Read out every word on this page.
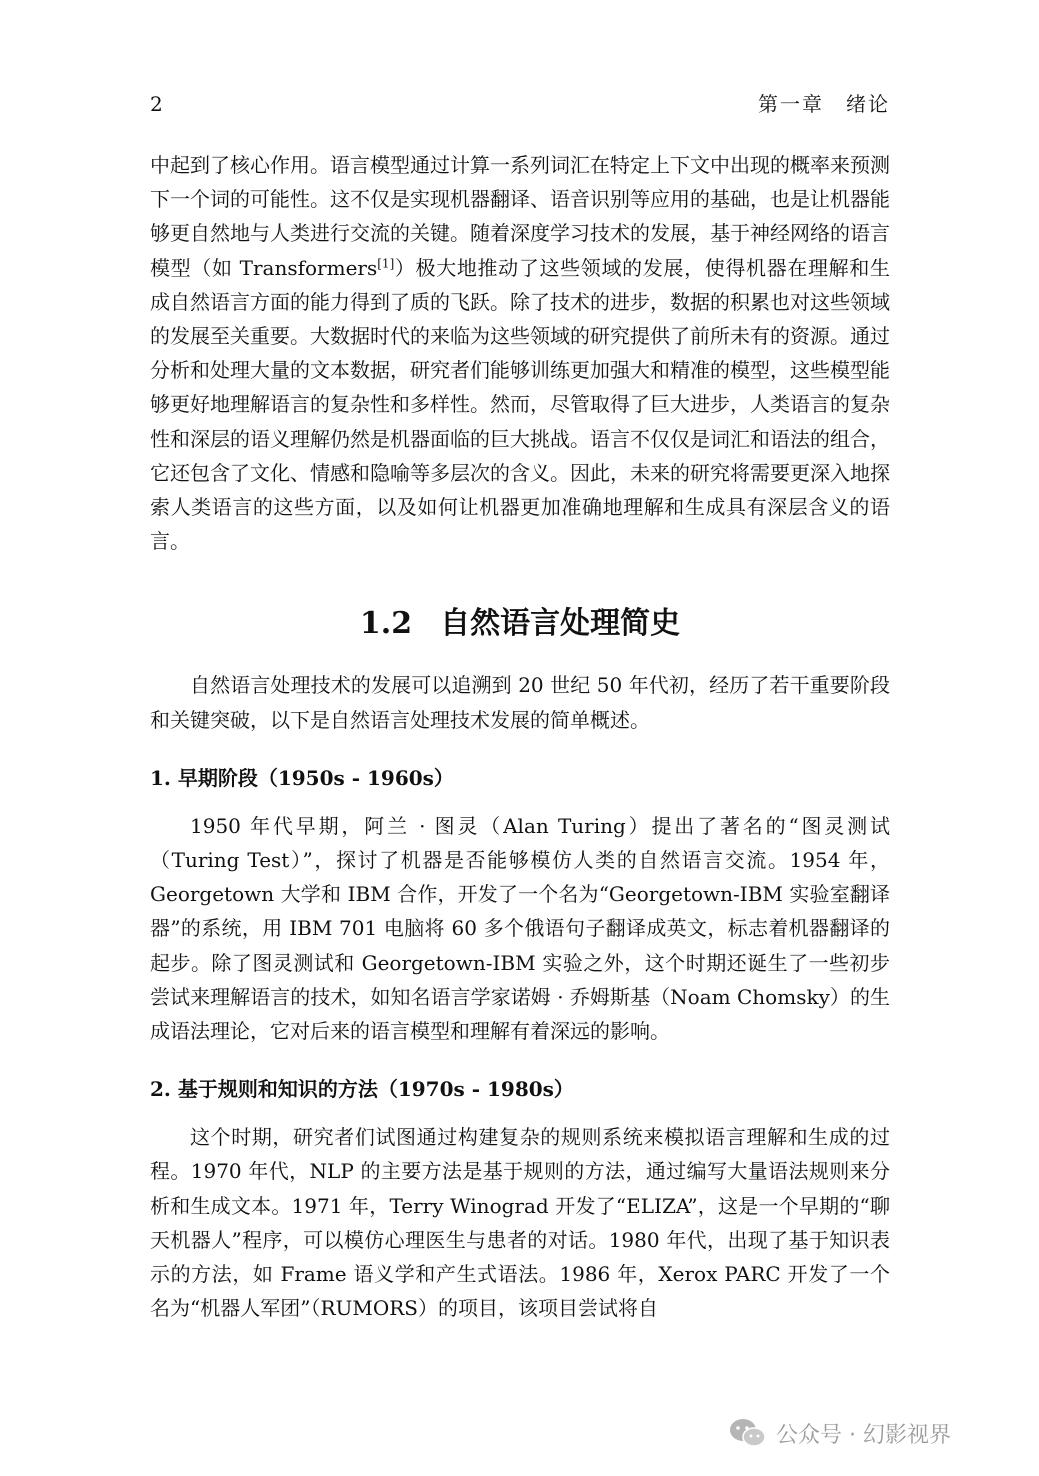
2	第一章　绪论

中起到了核心作用。语言模型通过计算一系列词汇在特定上下文中出现的概率来预测下一个词的可能性。这不仅是实现机器翻译、语音识别等应用的基础，也是让机器能够更自然地与人类进行交流的关键。随着深度学习技术的发展，基于神经网络的语言模型（如 Transformers[1]）极大地推动了这些领域的发展，使得机器在理解和生成自然语言方面的能力得到了质的飞跃。除了技术的进步，数据的积累也对这些领域的发展至关重要。大数据时代的来临为这些领域的研究提供了前所未有的资源。通过分析和处理大量的文本数据，研究者们能够训练更加强大和精准的模型，这些模型能够更好地理解语言的复杂性和多样性。然而，尽管取得了巨大进步，人类语言的复杂性和深层的语义理解仍然是机器面临的巨大挑战。语言不仅仅是词汇和语法的组合，它还包含了文化、情感和隐喻等多层次的含义。因此，未来的研究将需要更深入地探索人类语言的这些方面，以及如何让机器更加准确地理解和生成具有深层含义的语言。

1.2 自然语言处理简史

自然语言处理技术的发展可以追溯到 20 世纪 50 年代初，经历了若干重要阶段和关键突破，以下是自然语言处理技术发展的简单概述。

1. 早期阶段（1950s - 1960s）

1950 年代早期，阿兰 · 图灵（Alan Turing）提出了著名的“图灵测试（Turing Test）”，探讨了机器是否能够模仿人类的自然语言交流。1954 年，Georgetown 大学和 IBM 合作，开发了一个名为“Georgetown-IBM 实验室翻译器”的系统，用 IBM 701 电脑将 60 多个俄语句子翻译成英文，标志着机器翻译的起步。除了图灵测试和 Georgetown-IBM 实验之外，这个时期还诞生了一些初步尝试来理解语言的技术，如知名语言学家诺姆 · 乔姆斯基（Noam Chomsky）的生成语法理论，它对后来的语言模型和理解有着深远的影响。

2. 基于规则和知识的方法（1970s - 1980s）

这个时期，研究者们试图通过构建复杂的规则系统来模拟语言理解和生成的过程。1970 年代，NLP 的主要方法是基于规则的方法，通过编写大量语法规则来分析和生成文本。1971 年，Terry Winograd 开发了“ELIZA”，这是一个早期的“聊天机器人”程序，可以模仿心理医生与患者的对话。1980 年代，出现了基于知识表示的方法，如 Frame 语义学和产生式语法。1986 年，Xerox PARC 开发了一个名为“机器人军团”（RUMORS）的项目，该项目尝试将自

公众号 · 幻影视界
